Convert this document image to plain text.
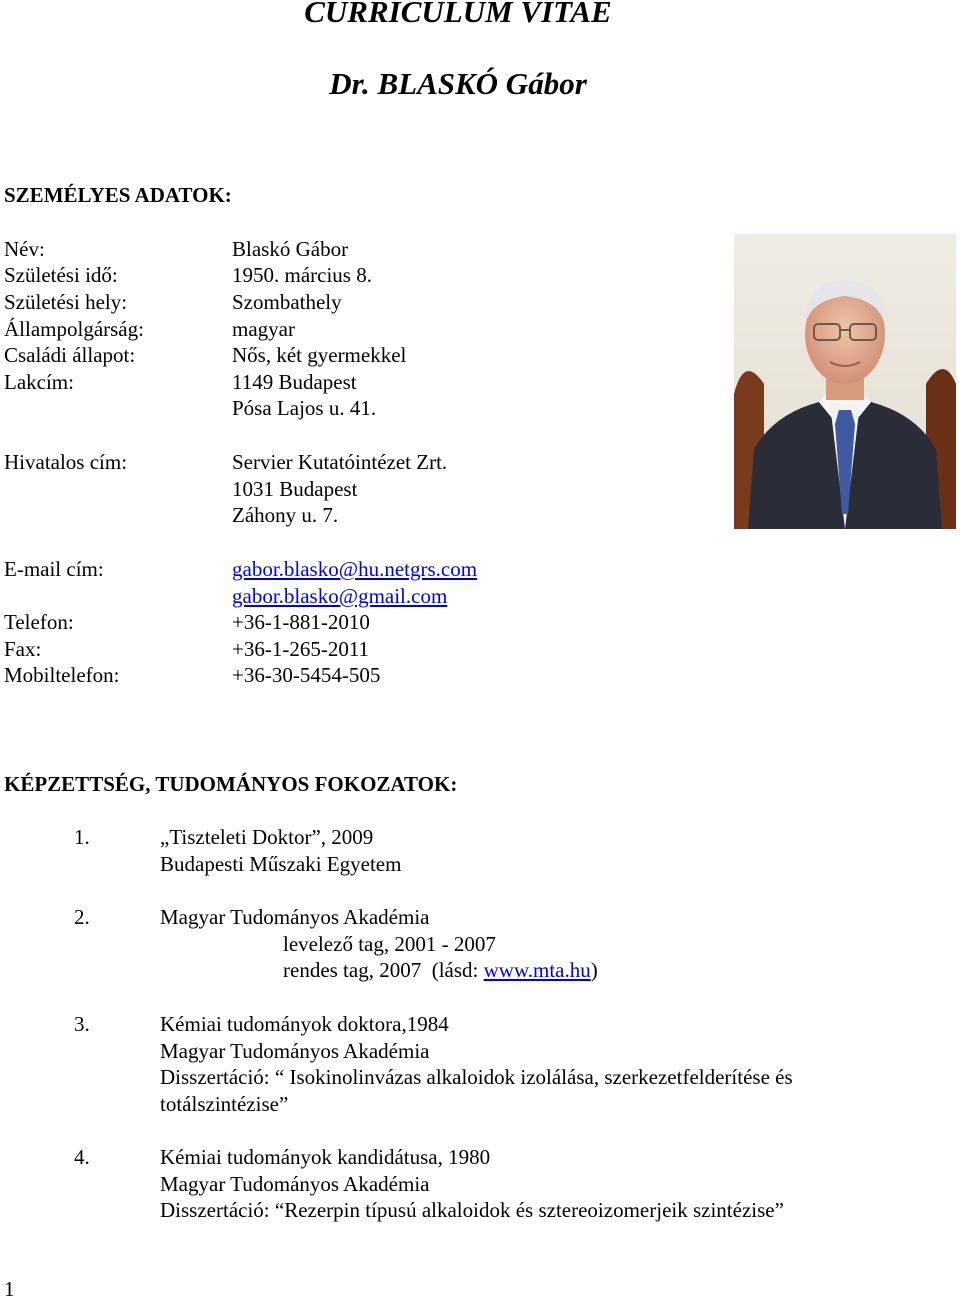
CURRICULUM VITAE
Dr. BLASKÓ Gábor
SZEMÉLYES ADATOK:
Név:	Blaskó Gábor
Születési idő:	1950. március 8.
Születési hely:	Szombathely
Állampolgárság:	magyar
Családi állapot:	Nős, két gyermekkel
Lakcím:	1149 Budapest
Pósa Lajos u. 41.
Hivatalos cím:	Servier Kutatóintézet Zrt.
1031 Budapest
Záhony u. 7.
E-mail cím:	gabor.blasko@hu.netgrs.com
gabor.blasko@gmail.com
Telefon:	+36-1-881-2010
Fax:	+36-1-265-2011
Mobiltelefon:	+36-30-5454-505
KÉPZETTSÉG, TUDOMÁNYOS FOKOZATOK:
1.	„Tiszteleti Doktor”, 2009
Budapesti Műszaki Egyetem
2.	Magyar Tudományos Akadémia
levelező tag, 2001 - 2007
rendes tag, 2007  (lásd: www.mta.hu)
3.	Kémiai tudományok doktora,1984
Magyar Tudományos Akadémia
Disszertáció: “ Isokinolinvázas alkaloidok izolálása, szerkezetfelderítése és
totálszintézise”
4.	Kémiai tudományok kandidátusa, 1980
Magyar Tudományos Akadémia
Disszertáció: “Rezerpin típusú alkaloidok és sztereoizomerjeik szintézise”
1
